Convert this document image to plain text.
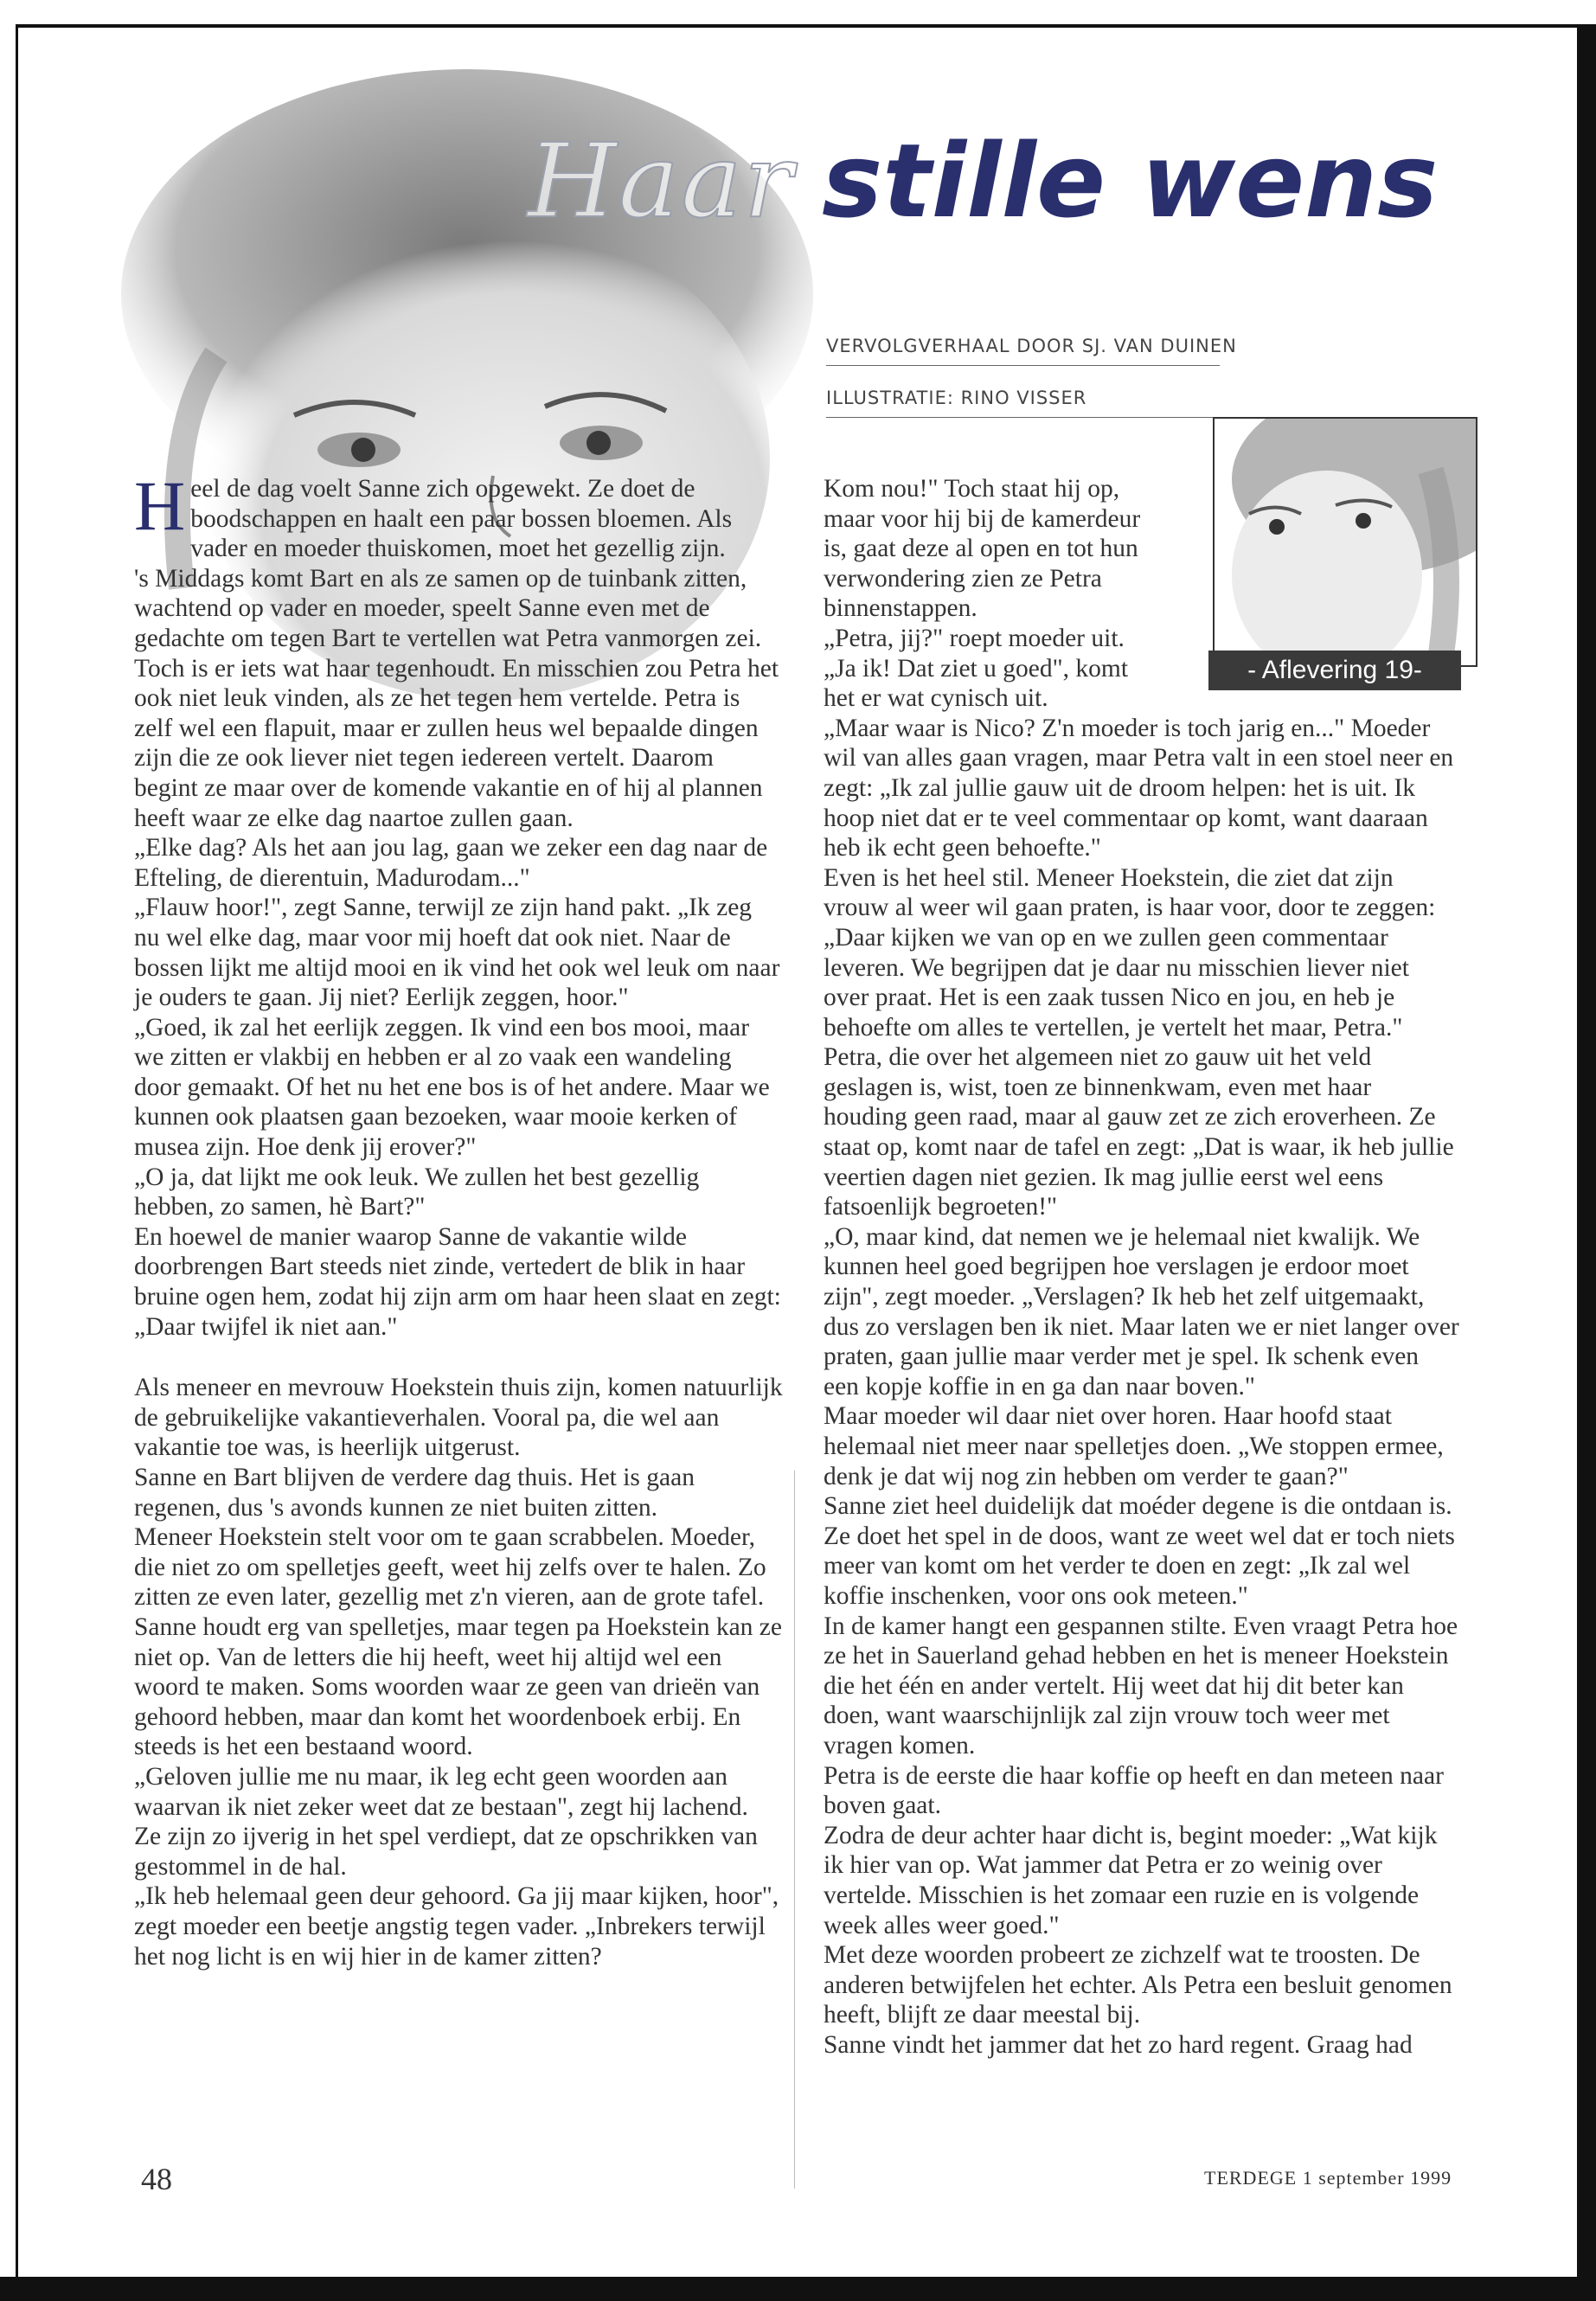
Haar stille wens
VERVOLGVERHAAL DOOR SJ. VAN DUINEN
ILLUSTRATIE: RINO VISSER
- Aflevering 19-

Heel de dag voelt Sanne zich opgewekt. Ze doet de boodschappen en haalt een paar bossen bloemen. Als vader en moeder thuiskomen, moet het gezellig zijn.

's Middags komt Bart en als ze samen op de tuinbank zitten, wachtend op vader en moeder, speelt Sanne even met de gedachte om tegen Bart te vertellen wat Petra vanmorgen zei. Toch is er iets wat haar tegenhoudt. En misschien zou Petra het ook niet leuk vinden, als ze het tegen hem vertelde. Petra is zelf wel een flapuit, maar er zullen heus wel bepaalde dingen zijn die ze ook liever niet tegen iedereen vertelt. Daarom begint ze maar over de komende vakantie en of hij al plannen heeft waar ze elke dag naartoe zullen gaan.

„Elke dag? Als het aan jou lag, gaan we zeker een dag naar de Efteling, de dierentuin, Madurodam..."

„Flauw hoor!", zegt Sanne, terwijl ze zijn hand pakt. „Ik zeg nu wel elke dag, maar voor mij hoeft dat ook niet. Naar de bossen lijkt me altijd mooi en ik vind het ook wel leuk om naar je ouders te gaan. Jij niet? Eerlijk zeggen, hoor."

„Goed, ik zal het eerlijk zeggen. Ik vind een bos mooi, maar we zitten er vlakbij en hebben er al zo vaak een wandeling door gemaakt. Of het nu het ene bos is of het andere. Maar we kunnen ook plaatsen gaan bezoeken, waar mooie kerken of musea zijn. Hoe denk jij erover?"

„O ja, dat lijkt me ook leuk. We zullen het best gezellig hebben, zo samen, hè Bart?"

En hoewel de manier waarop Sanne de vakantie wilde doorbrengen Bart steeds niet zinde, vertedert de blik in haar bruine ogen hem, zodat hij zijn arm om haar heen slaat en zegt: „Daar twijfel ik niet aan."

Als meneer en mevrouw Hoekstein thuis zijn, komen natuurlijk de gebruikelijke vakantieverhalen. Vooral pa, die wel aan vakantie toe was, is heerlijk uitgerust.

Sanne en Bart blijven de verdere dag thuis. Het is gaan regenen, dus 's avonds kunnen ze niet buiten zitten.

Meneer Hoekstein stelt voor om te gaan scrabbelen. Moeder, die niet zo om spelletjes geeft, weet hij zelfs over te halen. Zo zitten ze even later, gezellig met z'n vieren, aan de grote tafel. Sanne houdt erg van spelletjes, maar tegen pa Hoekstein kan ze niet op. Van de letters die hij heeft, weet hij altijd wel een woord te maken. Soms woorden waar ze geen van drieën van gehoord hebben, maar dan komt het woordenboek erbij. En steeds is het een bestaand woord.

„Geloven jullie me nu maar, ik leg echt geen woorden aan waarvan ik niet zeker weet dat ze bestaan", zegt hij lachend.

Ze zijn zo ijverig in het spel verdiept, dat ze opschrikken van gestommel in de hal.

„Ik heb helemaal geen deur gehoord. Ga jij maar kijken, hoor", zegt moeder een beetje angstig tegen vader. „Inbrekers terwijl het nog licht is en wij hier in de kamer zitten?

Kom nou!" Toch staat hij op, maar voor hij bij de kamerdeur is, gaat deze al open en tot hun verwondering zien ze Petra binnenstappen.

„Petra, jij?" roept moeder uit.

„Ja ik! Dat ziet u goed", komt

het er wat cynisch uit.

„Maar waar is Nico? Z'n moeder is toch jarig en..." Moeder wil van alles gaan vragen, maar Petra valt in een stoel neer en zegt: „Ik zal jullie gauw uit de droom helpen: het is uit. Ik hoop niet dat er te veel commentaar op komt, want daaraan heb ik echt geen behoefte."

Even is het heel stil. Meneer Hoekstein, die ziet dat zijn vrouw al weer wil gaan praten, is haar voor, door te zeggen: „Daar kijken we van op en we zullen geen commentaar leveren. We begrijpen dat je daar nu misschien liever niet over praat. Het is een zaak tussen Nico en jou, en heb je behoefte om alles te vertellen, je vertelt het maar, Petra."

Petra, die over het algemeen niet zo gauw uit het veld geslagen is, wist, toen ze binnenkwam, even met haar houding geen raad, maar al gauw zet ze zich eroverheen. Ze staat op, komt naar de tafel en zegt: „Dat is waar, ik heb jullie veertien dagen niet gezien. Ik mag jullie eerst wel eens fatsoenlijk begroeten!"

„O, maar kind, dat nemen we je helemaal niet kwalijk. We kunnen heel goed begrijpen hoe verslagen je erdoor moet zijn", zegt moeder. „Verslagen? Ik heb het zelf uitgemaakt, dus zo verslagen ben ik niet. Maar laten we er niet langer over praten, gaan jullie maar verder met je spel. Ik schenk even een kopje koffie in en ga dan naar boven."

Maar moeder wil daar niet over horen. Haar hoofd staat helemaal niet meer naar spelletjes doen. „We stoppen ermee, denk je dat wij nog zin hebben om verder te gaan?"

Sanne ziet heel duidelijk dat moéder degene is die ontdaan is. Ze doet het spel in de doos, want ze weet wel dat er toch niets meer van komt om het verder te doen en zegt: „Ik zal wel koffie inschenken, voor ons ook meteen."

In de kamer hangt een gespannen stilte. Even vraagt Petra hoe ze het in Sauerland gehad hebben en het is meneer Hoekstein die het één en ander vertelt. Hij weet dat hij dit beter kan doen, want waarschijnlijk zal zijn vrouw toch weer met vragen komen.

Petra is de eerste die haar koffie op heeft en dan meteen naar boven gaat.

Zodra de deur achter haar dicht is, begint moeder: „Wat kijk ik hier van op. Wat jammer dat Petra er zo weinig over vertelde. Misschien is het zomaar een ruzie en is volgende week alles weer goed."

Met deze woorden probeert ze zichzelf wat te troosten. De anderen betwijfelen het echter. Als Petra een besluit genomen heeft, blijft ze daar meestal bij.

Sanne vindt het jammer dat het zo hard regent. Graag had

48	TERDEGE 1 september 1999
